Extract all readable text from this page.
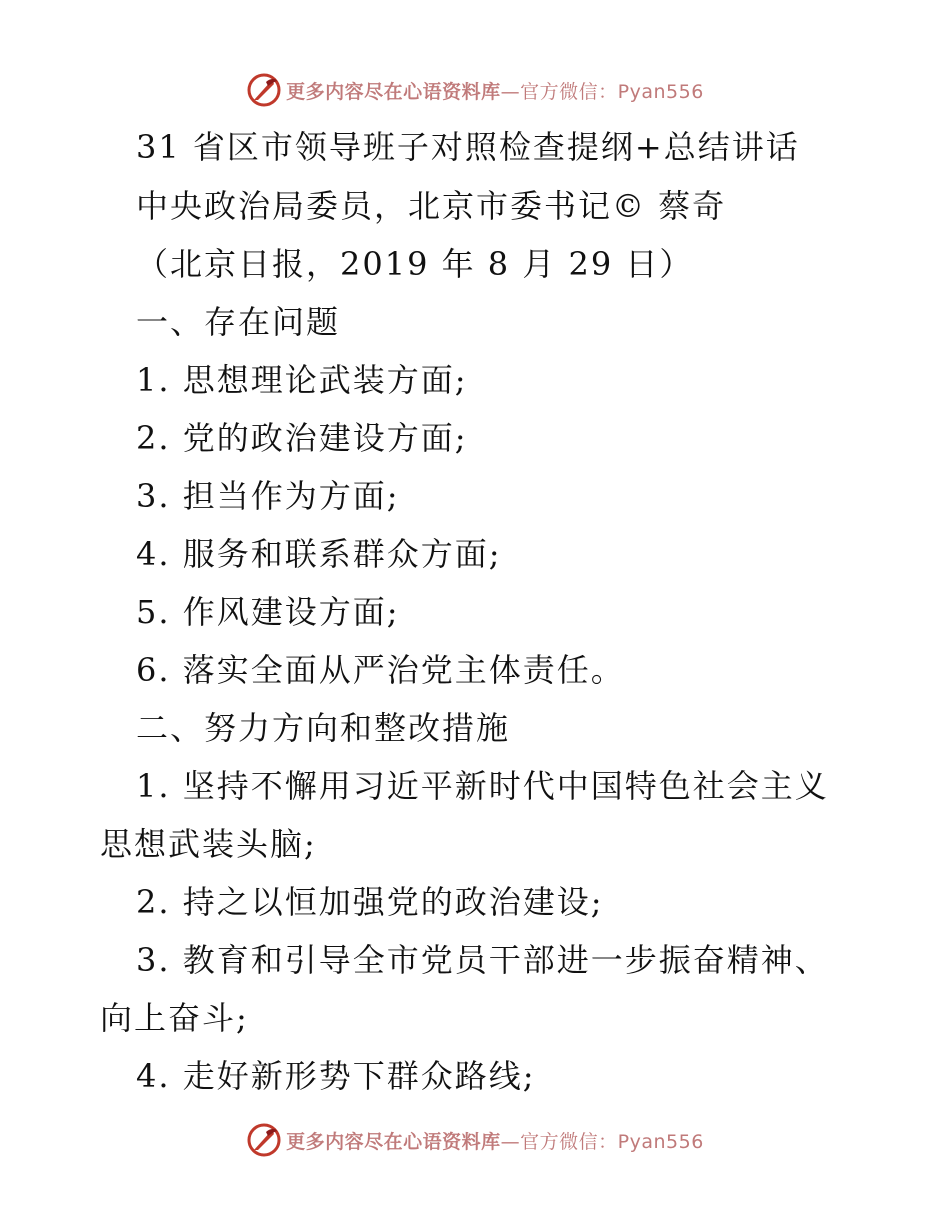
更多内容尽在心语资料库—官方微信：Pyan556
31 省区市领导班子对照检查提纲+总结讲话
中央政治局委员，北京市委书记© 蔡奇
（北京日报，2019 年 8 月 29 日）
一、存在问题
1. 思想理论武装方面;
2. 党的政治建设方面;
3. 担当作为方面;
4. 服务和联系群众方面;
5. 作风建设方面;
6. 落实全面从严治党主体责任。
二、努力方向和整改措施
1. 坚持不懈用习近平新时代中国特色社会主义
思想武装头脑;
2. 持之以恒加强党的政治建设;
3. 教育和引导全市党员干部进一步振奋精神、
向上奋斗;
4. 走好新形势下群众路线;
更多内容尽在心语资料库—官方微信：Pyan556
